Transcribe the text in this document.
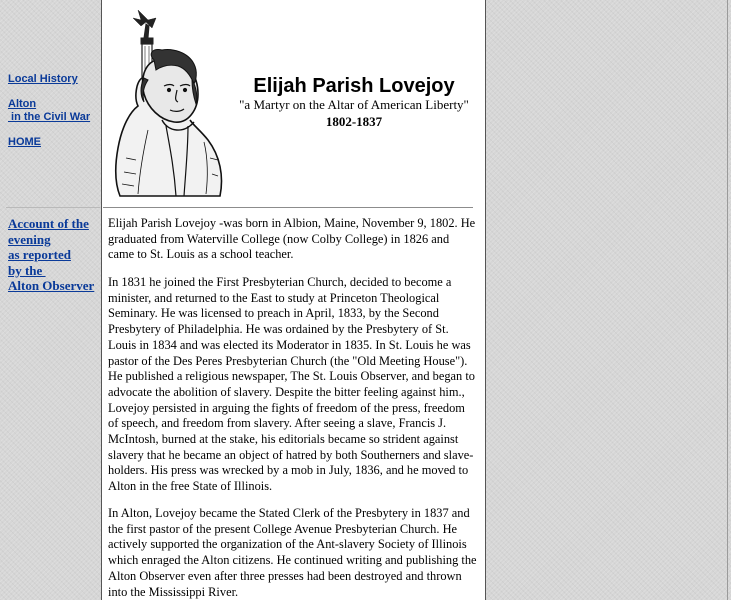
Local History
Alton
in the Civil War
HOME
Account of the
evening
as reported
by the
Alton Observer
Elijah Parish Lovejoy
"a Martyr on the Altar of American Liberty"
1802-1837

Elijah Parish Lovejoy -was born in Albion, Maine, November 9, 1802. He graduated from Waterville College (now Colby College) in 1826 and came to St. Louis as a school teacher.

In 1831 he joined the First Presbyterian Church, decided to become a minister, and returned to the East to study at Princeton Theological Seminary. He was licensed to preach in April, 1833, by the Second Presbytery of Philadelphia. He was ordained by the Presbytery of St. Louis in 1834 and was elected its Moderator in 1835. In St. Louis he was pastor of the Des Peres Presbyterian Church (the "Old Meeting House"). He published a religious newspaper, The St. Louis Observer, and began to advocate the abolition of slavery. Despite the bitter feeling against him., Lovejoy persisted in arguing the fights of freedom of the press, freedom of speech, and freedom from slavery. After seeing a slave, Francis J. McIntosh, burned at the stake, his editorials became so strident against slavery that he became an object of hatred by both Southerners and slave-holders. His press was wrecked by a mob in July, 1836, and he moved to Alton in the free State of Illinois.

In Alton, Lovejoy became the Stated Clerk of the Presbytery in 1837 and the first pastor of the present College Avenue Presbyterian Church. He actively supported the organization of the Ant-slavery Society of Illinois which enraged the Alton citizens. He continued writing and publishing the Alton Observer even after three presses had been destroyed and thrown into the Mississippi River.
